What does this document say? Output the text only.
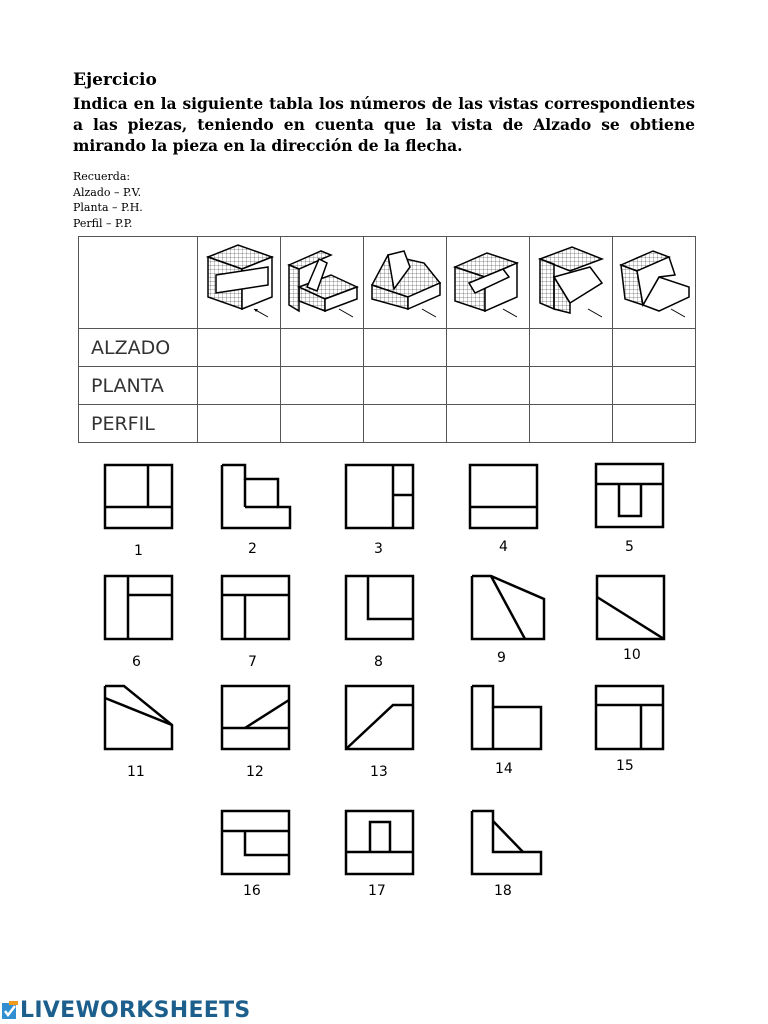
Ejercicio
Indica en la siguiente tabla los números de las vistas correspondientes a las piezas, teniendo en cuenta que la vista de Alzado se obtiene mirando la pieza en la dirección de la flecha.
Recuerda:
Alzado – P.V.
Planta – P.H.
Perfil – P.P.

ALZADO						
PLANTA						
PERFIL						
1	2	3	4	5
6	7	8	9	10
11	12	13	14	15
16	17	18
LIVEWORKSHEETS
